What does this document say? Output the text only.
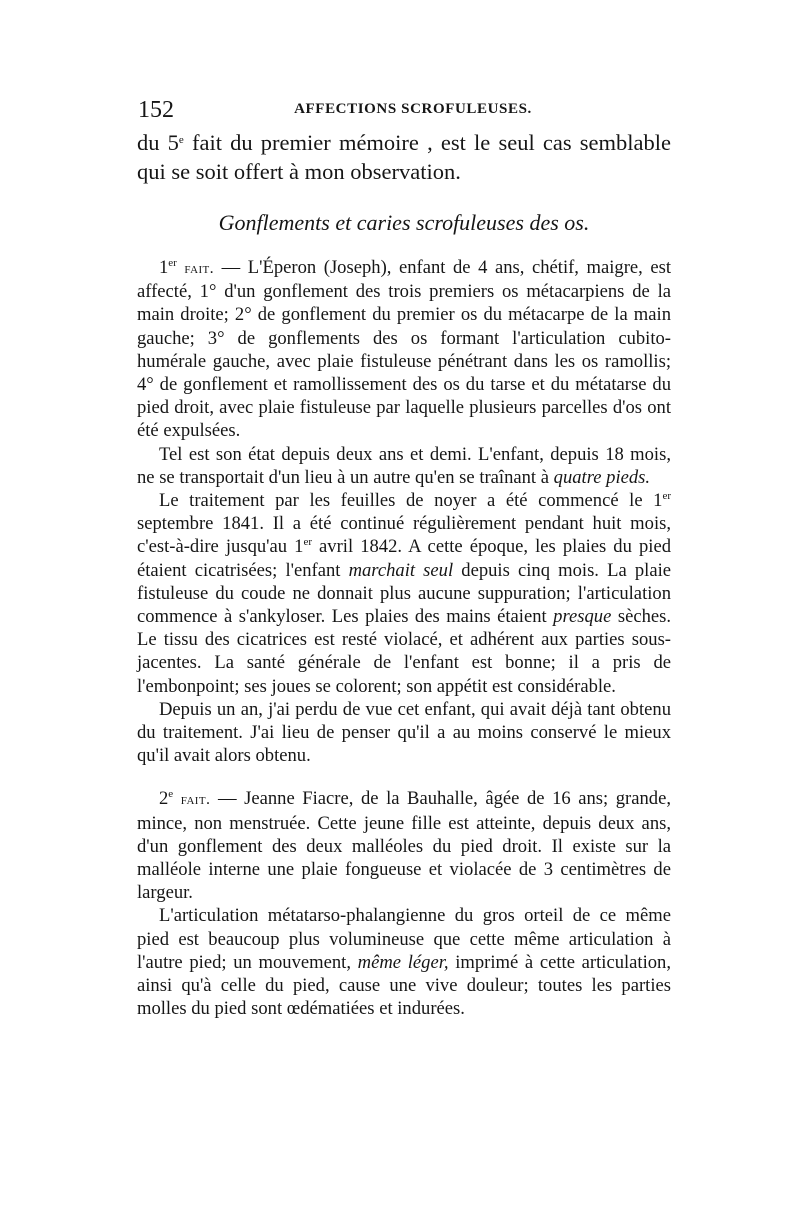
152	AFFECTIONS SCROFULEUSES.

du 5e fait du premier mémoire , est le seul cas semblable qui se soit offert à mon observation.

Gonflements et caries scrofuleuses des os.

1er fait. — L'Éperon (Joseph), enfant de 4 ans, chétif, maigre, est affecté, 1° d'un gonflement des trois premiers os métacarpiens de la main droite; 2° de gonflement du premier os du métacarpe de la main gauche; 3° de gonflements des os formant l'articulation cubito-humérale gauche, avec plaie fistuleuse pénétrant dans les os ramollis; 4° de gonflement et ramollissement des os du tarse et du métatarse du pied droit, avec plaie fistuleuse par laquelle plusieurs parcelles d'os ont été expulsées.

Tel est son état depuis deux ans et demi. L'enfant, depuis 18 mois, ne se transportait d'un lieu à un autre qu'en se traînant à quatre pieds.

Le traitement par les feuilles de noyer a été commencé le 1er septembre 1841. Il a été continué régulièrement pendant huit mois, c'est-à-dire jusqu'au 1er avril 1842. A cette époque, les plaies du pied étaient cicatrisées; l'enfant marchait seul depuis cinq mois. La plaie fistuleuse du coude ne donnait plus aucune suppuration; l'articulation commence à s'ankyloser. Les plaies des mains étaient presque sèches. Le tissu des cicatrices est resté violacé, et adhérent aux parties sous-jacentes. La santé générale de l'enfant est bonne; il a pris de l'embonpoint; ses joues se colorent; son appétit est considérable.

Depuis un an, j'ai perdu de vue cet enfant, qui avait déjà tant obtenu du traitement. J'ai lieu de penser qu'il a au moins conservé le mieux qu'il avait alors obtenu.

2e fait. — Jeanne Fiacre, de la Bauhalle, âgée de 16 ans; grande, mince, non menstruée. Cette jeune fille est atteinte, depuis deux ans, d'un gonflement des deux malléoles du pied droit. Il existe sur la malléole interne une plaie fongueuse et violacée de 3 centimètres de largeur.

L'articulation métatarso-phalangienne du gros orteil de ce même pied est beaucoup plus volumineuse que cette même articulation à l'autre pied; un mouvement, même léger, imprimé à cette articulation, ainsi qu'à celle du pied, cause une vive douleur; toutes les parties molles du pied sont œdématiées et indurées.
